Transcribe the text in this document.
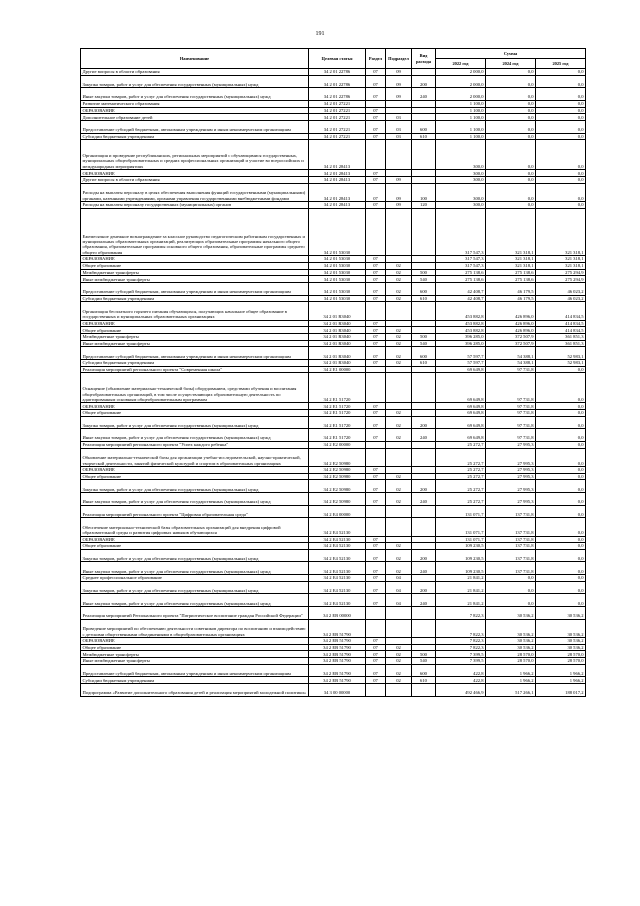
191
Наименование	Целевая статья	Раздел	Подраздел	Вид расхода	Сумма		
					2022 год	2024 год	2025 год
Другие вопросы в области образования	34 2 01 22786	07	09		2 000,0	0,0	0,0
Закупка товаров, работ и услуг для обеспечения государственных (муниципальных) нужд	34 2 01 22786	07	09	200	2 000,0	0,0	0,0
Иные закупки товаров, работ и услуг для обеспечения государственных (муниципальных) нужд	34 2 01 22786	07	09	240	2 000,0	0,0	0,0
Развитие математического образования	34 2 01 27221				1 100,0	0,0	0,0
ОБРАЗОВАНИЕ	34 2 01 27221	07			1 100,0	0,0	0,0
Дополнительное образование детей	34 2 01 27221	07	03		1 100,0	0,0	0,0
Предоставление субсидий бюджетным, автономным учреждениям и иным некоммерческим организациям	34 2 01 27221	07	03	600	1 100,0	0,0	0,0
Субсидии бюджетным учреждениям	34 2 01 27221	07	03	610	1 100,0	0,0	0,0
Организация и проведение республиканских, региональных мероприятий с обучающимися государственных, муниципальных общеобразовательных и средних профессиональных организаций и участие во всероссийских и международных мероприятиях	34 2 01 28413				300,0	0,0	0,0
ОБРАЗОВАНИЕ	34 2 01 28413	07			300,0	0,0	0,0
Другие вопросы в области образования	34 2 01 28413	07	09		300,0	0,0	0,0
Расходы на выплаты персоналу в целях обеспечения выполнения функций государственными (муниципальными) органами, казенными учреждениями, органами управления государственными внебюджетными фондами	34 2 01 28413	07	09	100	300,0	0,0	0,0
Расходы на выплаты персоналу государственных (муниципальных) органов	34 2 01 28413	07	09	120	300,0	0,0	0,0
Ежемесячное денежное вознаграждение за классное руководство педагогическим работникам государственных и муниципальных образовательных организаций, реализующих образовательные программы начального общего образования, образовательные программы основного общего образования, образовательные программы среднего общего образования	34 2 01 53030				317 547,3	321 318,1	321 318,1
ОБРАЗОВАНИЕ	34 2 01 53030	07			317 547,3	321 318,1	321 318,1
Общее образование	34 2 01 53030	07	02		317 547,3	321 318,1	321 318,1
Межбюджетные трансферты	34 2 01 53030	07	02	500	275 138,6	275 138,6	275 294,9
Иные межбюджетные трансферты	34 2 01 53030	07	02	540	275 138,6	275 138,6	275 294,9
Предоставление субсидий бюджетным, автономным учреждениям и иным некоммерческим организациям	34 2 01 53030	07	02	600	42 408,7	46 179,5	46 023,2
Субсидии бюджетным учреждениям	34 2 01 53030	07	02	610	42 408,7	46 179,5	46 023,2
Организация бесплатного горячего питания обучающихся, получающих начальное общее образование в государственных и муниципальных образовательных организациях	34 2 01 R3040				453 882,8	426 896,0	414 834,5
ОБРАЗОВАНИЕ	34 2 01 R3040	07			453 882,8	426 896,0	414 834,5
Общее образование	34 2 01 R3040	07	02		453 882,8	426 896,0	414 834,5
Межбюджетные трансферты	34 2 01 R3040	07	02	500	396 285,0	372 507,9	361 851,3
Иные межбюджетные трансферты	34 2 01 R3040	07	02	540	396 285,0	372 507,9	361 851,3
Предоставление субсидий бюджетным, автономным учреждениям и иным некоммерческим организациям	34 2 01 R3040	07	02	600	57 597,7	54 388,1	52 983,1
Субсидии бюджетным учреждениям	34 2 01 R3040	07	02	610	57 597,7	54 388,1	52 983,1
Реализация мероприятий регионального проекта "Современная школа"	34 2 E1 00000				69 649,8	97 731,8	0,0
Оснащение (обновление материально-технической базы) оборудованием, средствами обучения и воспитания общеобразовательных организаций, в том числе осуществляющих образовательную деятельность по адаптированным основным общеобразовательным программам	34 2 E1 51720				69 649,8	97 731,8	0,0
ОБРАЗОВАНИЕ	34 2 E1 51720	07			69 649,8	97 731,8	0,0
Общее образование	34 2 E1 51720	07	02		69 649,8	97 731,8	0,0
Закупка товаров, работ и услуг для обеспечения государственных (муниципальных) нужд	34 2 E1 51720	07	02	200	69 649,8	97 731,8	0,0
Иные закупки товаров, работ и услуг для обеспечения государственных (муниципальных) нужд	34 2 E1 51720	07	02	240	69 649,8	97 731,8	0,0
Реализация мероприятий регионального проекта "Успех каждого ребенка"	34 2 E2 00000				25 272,7	27 995,3	0,0
Обновление материально-технической базы для организации учебно-исследовательской, научно-практической, творческой деятельности, занятий физической культурой и спортом в образовательных организациях	34 2 E2 50980				25 272,7	27 995,3	0,0
ОБРАЗОВАНИЕ	34 2 E2 50980	07			25 272,7	27 995,3	0,0
Общее образование	34 2 E2 50980	07	02		25 272,7	27 995,3	0,0
Закупка товаров, работ и услуг для обеспечения государственных (муниципальных) нужд	34 2 E2 50980	07	02	200	25 272,7	27 995,3	0,0
Иные закупки товаров, работ и услуг для обеспечения государственных (муниципальных) нужд	34 2 E2 50980	07	02	240	25 272,7	27 995,3	0,0
Реализация мероприятий регионального проекта "Цифровая образовательная среда"	34 2 E4 00000				131 071,7	137 731,8	0,0
Обеспечение материально-технической базы образовательных организаций для внедрения цифровой образовательной среды и развития цифровых навыков обучающихся	34 2 E4 52130				131 071,7	137 731,8	0,0
ОБРАЗОВАНИЕ	34 2 E4 52130	07			131 071,7	137 731,8	0,0
Общее образование	34 2 E4 52130	07	02		109 230,5	137 731,8	0,0
Закупка товаров, работ и услуг для обеспечения государственных (муниципальных) нужд	34 2 E4 52130	07	02	200	109 230,5	137 731,8	0,0
Иные закупки товаров, работ и услуг для обеспечения государственных (муниципальных) нужд	34 2 E4 52130	07	02	240	109 230,5	137 731,8	0,0
Среднее профессиональное образование	34 2 E4 52130	07	04		21 841,2	0,0	0,0
Закупка товаров, работ и услуг для обеспечения государственных (муниципальных) нужд	34 2 E4 52130	07	04	200	21 841,2	0,0	0,0
Иные закупки товаров, работ и услуг для обеспечения государственных (муниципальных) нужд	34 2 E4 52130	07	04	240	21 841,2	0,0	0,0
Реализация мероприятий Регионального проекта "Патриотическое воспитание граждан Российской Федерации"	34 2 EВ 00000				7 822,3	30 536,2	30 536,2
Проведение мероприятий по обеспечению деятельности советников директора по воспитанию и взаимодействию с детскими общественными объединениями в общеобразовательных организациях	34 2 EВ 51790				7 822,3	30 536,2	30 536,2
ОБРАЗОВАНИЕ	34 2 EВ 51790	07			7 822,3	30 536,2	30 536,2
Общее образование	34 2 EВ 51790	07	02		7 822,3	30 536,2	30 536,2
Межбюджетные трансферты	34 2 EВ 51790	07	02	500	7 399,5	28 570,0	28 570,0
Иные межбюджетные трансферты	34 2 EВ 51790	07	02	540	7 399,5	28 570,0	28 570,0
Предоставление субсидий бюджетным, автономным учреждениям и иным некоммерческим организациям	34 2 EВ 51790	07	02	600	422,8	1 966,2	1 966,2
Субсидии бюджетным учреждениям	34 2 EВ 51790	07	02	610	422,8	1 966,2	1 966,2
Подпрограмма «Развитие дополнительного образования детей и реализация мероприятий молодежной политики»	34 3 00 00000				492 466,9	517 266,1	188 017,2
